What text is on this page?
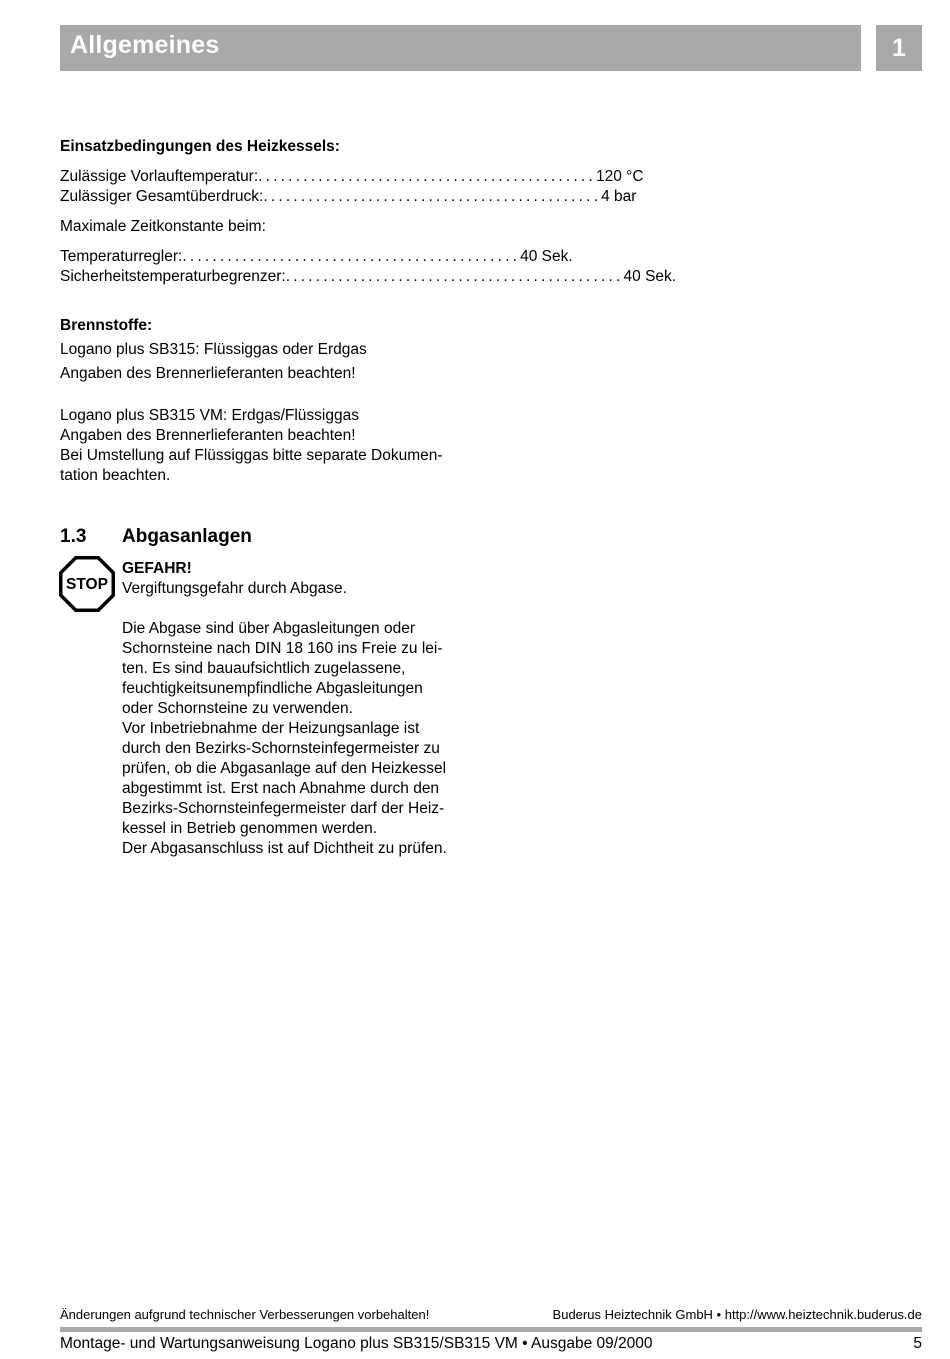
Allgemeines	1
Einsatzbedingungen des Heizkessels:
Zulässige Vorlauftemperatur: ............................................. 120 °C
Zulässiger Gesamtüberdruck: ............................................. 4 bar
Maximale Zeitkonstante beim:
Temperaturregler: ............................................. 40 Sek.
Sicherheitstemperaturbegrenzer: ............................................. 40 Sek.
Brennstoffe:
Logano plus SB315: Flüssiggas oder Erdgas
Angaben des Brennerlieferanten beachten!
Logano plus SB315 VM: Erdgas/Flüssiggas
Angaben des Brennerlieferanten beachten!
Bei Umstellung auf Flüssiggas bitte separate Dokumen-
tation beachten.
1.3 Abgasanlagen
STOP
GEFAHR!
Vergiftungsgefahr durch Abgase.
Die Abgase sind über Abgasleitungen oder
Schornsteine nach DIN 18 160 ins Freie zu lei-
ten. Es sind bauaufsichtlich zugelassene,
feuchtigkeitsunempfindliche Abgasleitungen
oder Schornsteine zu verwenden.
Vor Inbetriebnahme der Heizungsanlage ist
durch den Bezirks-Schornsteinfegermeister zu
prüfen, ob die Abgasanlage auf den Heizkessel
abgestimmt ist. Erst nach Abnahme durch den
Bezirks-Schornsteinfegermeister darf der Heiz-
kessel in Betrieb genommen werden.
Der Abgasanschluss ist auf Dichtheit zu prüfen.
Änderungen aufgrund technischer Verbesserungen vorbehalten!	Buderus Heiztechnik GmbH • http://www.heiztechnik.buderus.de
Montage- und Wartungsanweisung Logano plus SB315/SB315 VM • Ausgabe 09/2000	5
